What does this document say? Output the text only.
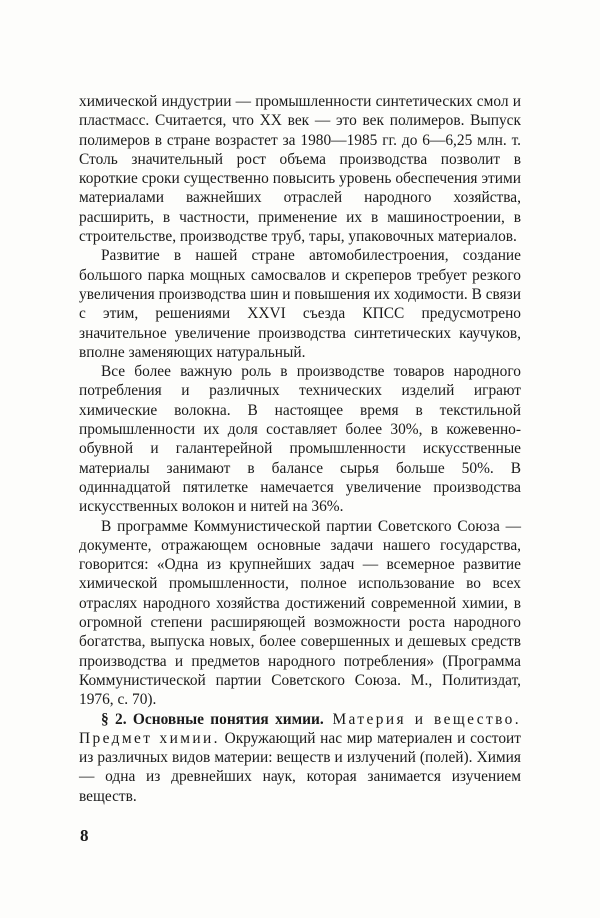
химической индустрии — промышленности синтетических смол и пластмасс. Считается, что XX век — это век полимеров. Выпуск полимеров в стране возрастет за 1980—1985 гг. до 6—6,25 млн. т. Столь значительный рост объема производства позволит в короткие сроки существенно повысить уровень обеспечения этими материалами важнейших отраслей народного хозяйства, расширить, в частности, применение их в машиностроении, в строительстве, производстве труб, тары, упаковочных материалов.

Развитие в нашей стране автомобилестроения, создание большого парка мощных самосвалов и скреперов требует резкого увеличения производства шин и повышения их ходимости. В связи с этим, решениями XXVI съезда КПСС предусмотрено значительное увеличение производства синтетических каучуков, вполне заменяющих натуральный.

Все более важную роль в производстве товаров народного потребления и различных технических изделий играют химические волокна. В настоящее время в текстильной промышленности их доля составляет более 30%, в кожевенно-обувной и галантерейной промышленности искусственные материалы занимают в балансе сырья больше 50%. В одиннадцатой пятилетке намечается увеличение производства искусственных волокон и нитей на 36%.

В программе Коммунистической партии Советского Союза — документе, отражающем основные задачи нашего государства, говорится: «Одна из крупнейших задач — всемерное развитие химической промышленности, полное использование во всех отраслях народного хозяйства достижений современной химии, в огромной степени расширяющей возможности роста народного богатства, выпуска новых, более совершенных и дешевых средств производства и предметов народного потребления» (Программа Коммунистической партии Советского Союза. М., Политиздат, 1976, с. 70).

§ 2. Основные понятия химии. Материя и вещество. Предмет химии. Окружающий нас мир материален и состоит из различных видов материи: веществ и излучений (полей). Химия — одна из древнейших наук, которая занимается изучением веществ.

8
